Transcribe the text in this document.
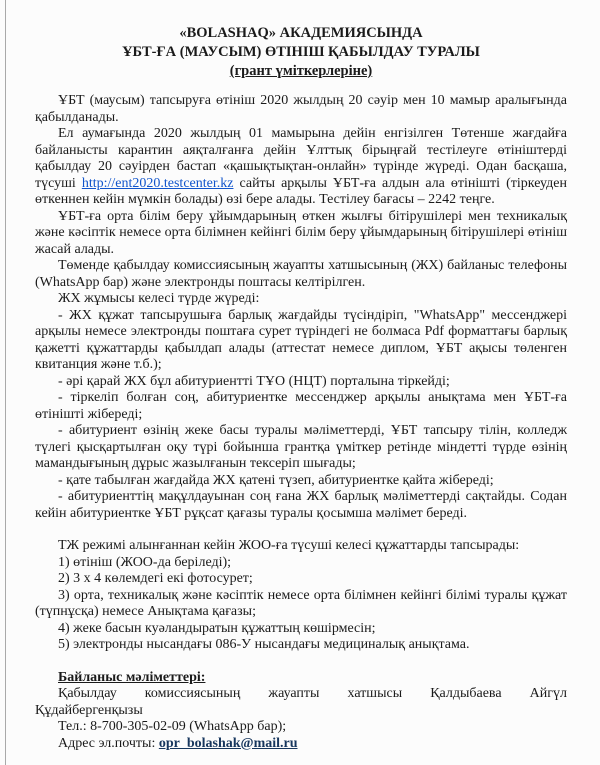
«BOLASHAQ» АКАДЕМИЯСЫНДА
ҰБТ-ҒА (МАУСЫМ) ӨТІНІШ ҚАБЫЛДАУ ТУРАЛЫ
(грант үміткерлеріне)

ҰБТ (маусым) тапсыруға өтініш 2020 жылдың 20 сәуір мен 10 мамыр аралығында қабылданады.

Ел аумағында 2020 жылдың 01 мамырына дейін енгізілген Төтенше жағдайға байланысты карантин аяқталғанға дейін Ұлттық бірыңғай тестілеуге өтініштерді қабылдау 20 сәуірден бастап «қашықтықтан-онлайн» түрінде жүреді. Одан басқаша, түсуші http://ent2020.testcenter.kz сайты арқылы ҰБТ-ға алдын ала өтінішті (тіркеуден өткеннен кейін мүмкін болады) өзі бере алады. Тестілеу бағасы – 2242 теңге.

ҰБТ-ға орта білім беру ұйымдарының өткен жылғы бітірушілері мен техникалық және кәсіптік немесе орта білімнен кейінгі білім беру ұйымдарының бітірушілері өтініш жасай алады.

Төменде қабылдау комиссиясының жауапты хатшысының (ЖХ) байланыс телефоны (WhatsApp бар) және электронды поштасы келтірілген.

ЖХ жұмысы келесі түрде жүреді:

- ЖХ құжат тапсырушыға барлық жағдайды түсіндіріп, "WhatsApp" мессенджері арқылы немесе электронды поштаға сурет түріндегі не болмаса Pdf форматтағы барлық қажетті құжаттарды қабылдап алады (аттестат немесе диплом, ҰБТ ақысы төленген квитанция және т.б.);

- әрі қарай ЖХ бұл абитуриентті ТҰО (НЦТ) порталына тіркейді;

- тіркеліп болған соң, абитуриентке мессенджер арқылы анықтама мен ҰБТ-ға өтінішті жібереді;

- абитуриент өзінің жеке басы туралы мәліметтерді, ҰБТ тапсыру тілін, колледж түлегі қысқартылған оқу түрі бойынша грантқа үміткер ретінде міндетті түрде өзінің мамандығының дұрыс жазылғанын тексеріп шығады;

- қате табылған жағдайда ЖХ қатені түзеп, абитуриентке қайта жібереді;

- абитуриенттің мақұлдауынан соң ғана ЖХ барлық мәліметтерді сақтайды. Содан кейін абитуриентке ҰБТ рұқсат қағазы туралы қосымша мәлімет береді.

ТЖ режимі алынғаннан кейін ЖОО-ға түсуші келесі құжаттарды тапсырады:

1) өтініш (ЖОО-да беріледі);

2) 3 х 4 көлемдегі екі фотосурет;

3) орта, техникалық және кәсіптік немесе орта білімнен кейінгі білімі туралы құжат (түпнұсқа) немесе Анықтама қағазы;

4) жеке басын куәландыратын құжаттың көшірмесін;

5) электронды нысандағы 086-У нысандағы медициналық анықтама.

Байланыс мәліметтері:

Қабылдау комиссиясының жауапты хатшысы Қалдыбаева Айгүл Құдайбергенқызы

Тел.: 8-700-305-02-09 (WhatsApp бар);

Адрес эл.почты: opr_bolashak@mail.ru
